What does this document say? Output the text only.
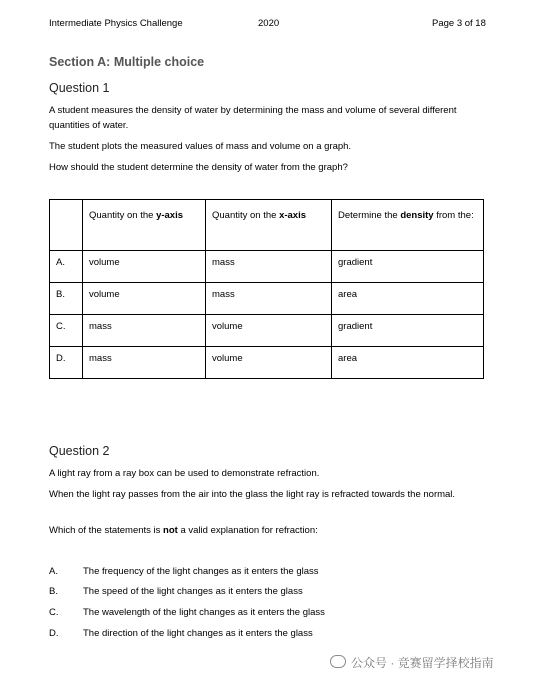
Intermediate Physics Challenge	2020	Page 3 of 18
Section A: Multiple choice
Question 1
A student measures the density of water by determining the mass and volume of several different quantities of water.
The student plots the measured values of mass and volume on a graph.
How should the student determine the density of water from the graph?
	Quantity on the y-axis	Quantity on the x-axis	Determine the density from the:
A.	volume	mass	gradient
B.	volume	mass	area
C.	mass	volume	gradient
D.	mass	volume	area
Question 2
A light ray from a ray box can be used to demonstrate refraction.
When the light ray passes from the air into the glass the light ray is refracted towards the normal.
Which of the statements is not a valid explanation for refraction:
A.	The frequency of the light changes as it enters the glass
B.	The speed of the light changes as it enters the glass
C.	The wavelength of the light changes as it enters the glass
D.	The direction of the light changes as it enters the glass
公众号 · 竞赛留学择校指南
